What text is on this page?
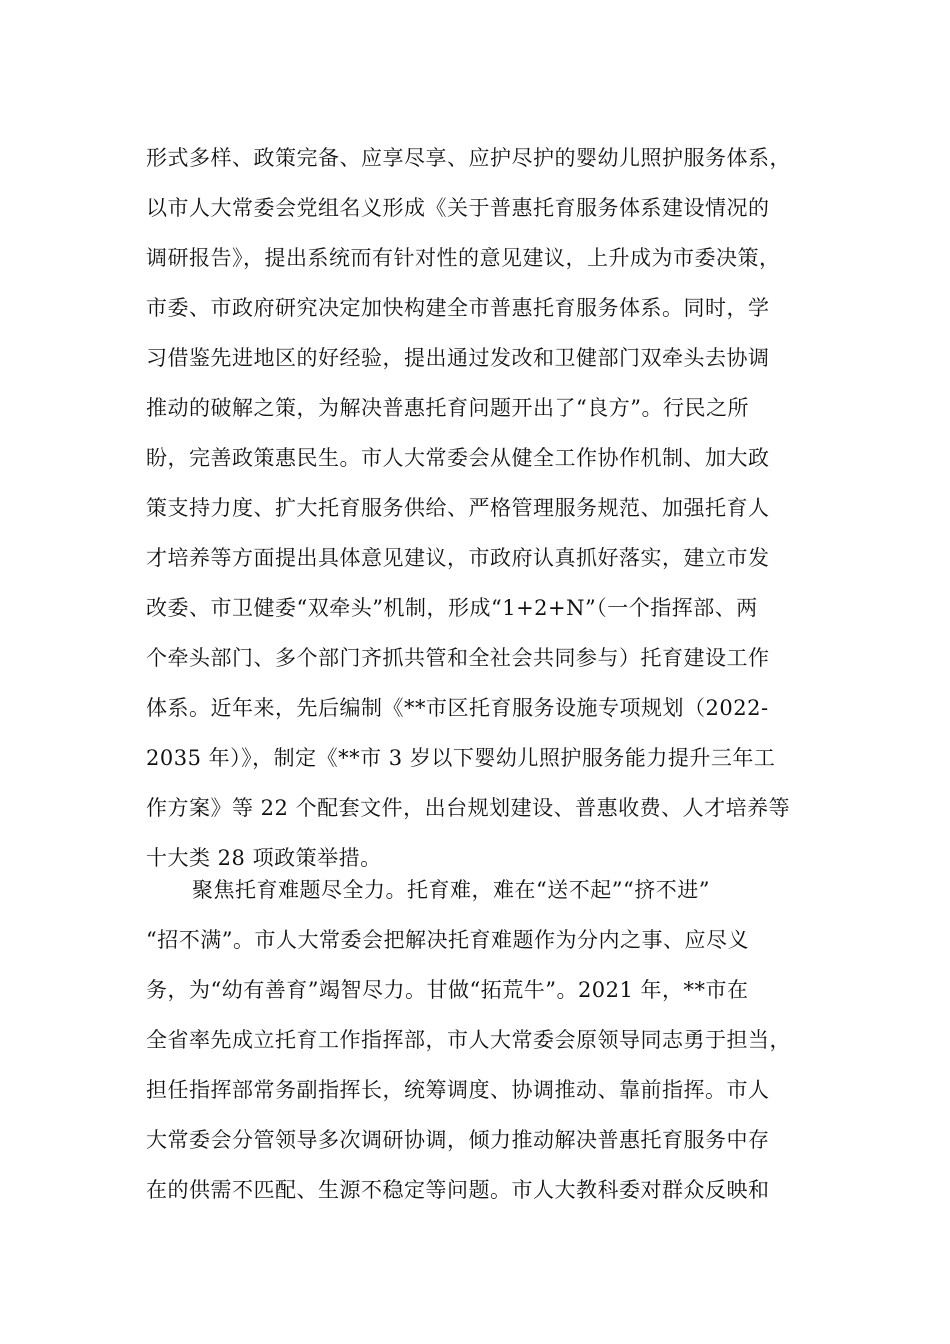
形式多样、政策完备、应享尽享、应护尽护的婴幼儿照护服务体系，
以市人大常委会党组名义形成《关于普惠托育服务体系建设情况的
调研报告》，提出系统而有针对性的意见建议，上升成为市委决策，
市委、市政府研究决定加快构建全市普惠托育服务体系。同时，学
习借鉴先进地区的好经验，提出通过发改和卫健部门双牵头去协调
推动的破解之策，为解决普惠托育问题开出了“良方”。行民之所
盼，完善政策惠民生。市人大常委会从健全工作协作机制、加大政
策支持力度、扩大托育服务供给、严格管理服务规范、加强托育人
才培养等方面提出具体意见建议，市政府认真抓好落实，建立市发
改委、市卫健委“双牵头”机制，形成“1+2+N”（一个指挥部、两
个牵头部门、多个部门齐抓共管和全社会共同参与）托育建设工作
体系。近年来，先后编制《**市区托育服务设施专项规划（2022-
2035 年）》，制定《**市 3 岁以下婴幼儿照护服务能力提升三年工
作方案》等 22 个配套文件，出台规划建设、普惠收费、人才培养等
十大类 28 项政策举措。
聚焦托育难题尽全力。托育难，难在“送不起”“挤不进”
“招不满”。市人大常委会把解决托育难题作为分内之事、应尽义
务，为“幼有善育”竭智尽力。甘做“拓荒牛”。2021 年，**市在
全省率先成立托育工作指挥部，市人大常委会原领导同志勇于担当，
担任指挥部常务副指挥长，统筹调度、协调推动、靠前指挥。市人
大常委会分管领导多次调研协调，倾力推动解决普惠托育服务中存
在的供需不匹配、生源不稳定等问题。市人大教科委对群众反映和
